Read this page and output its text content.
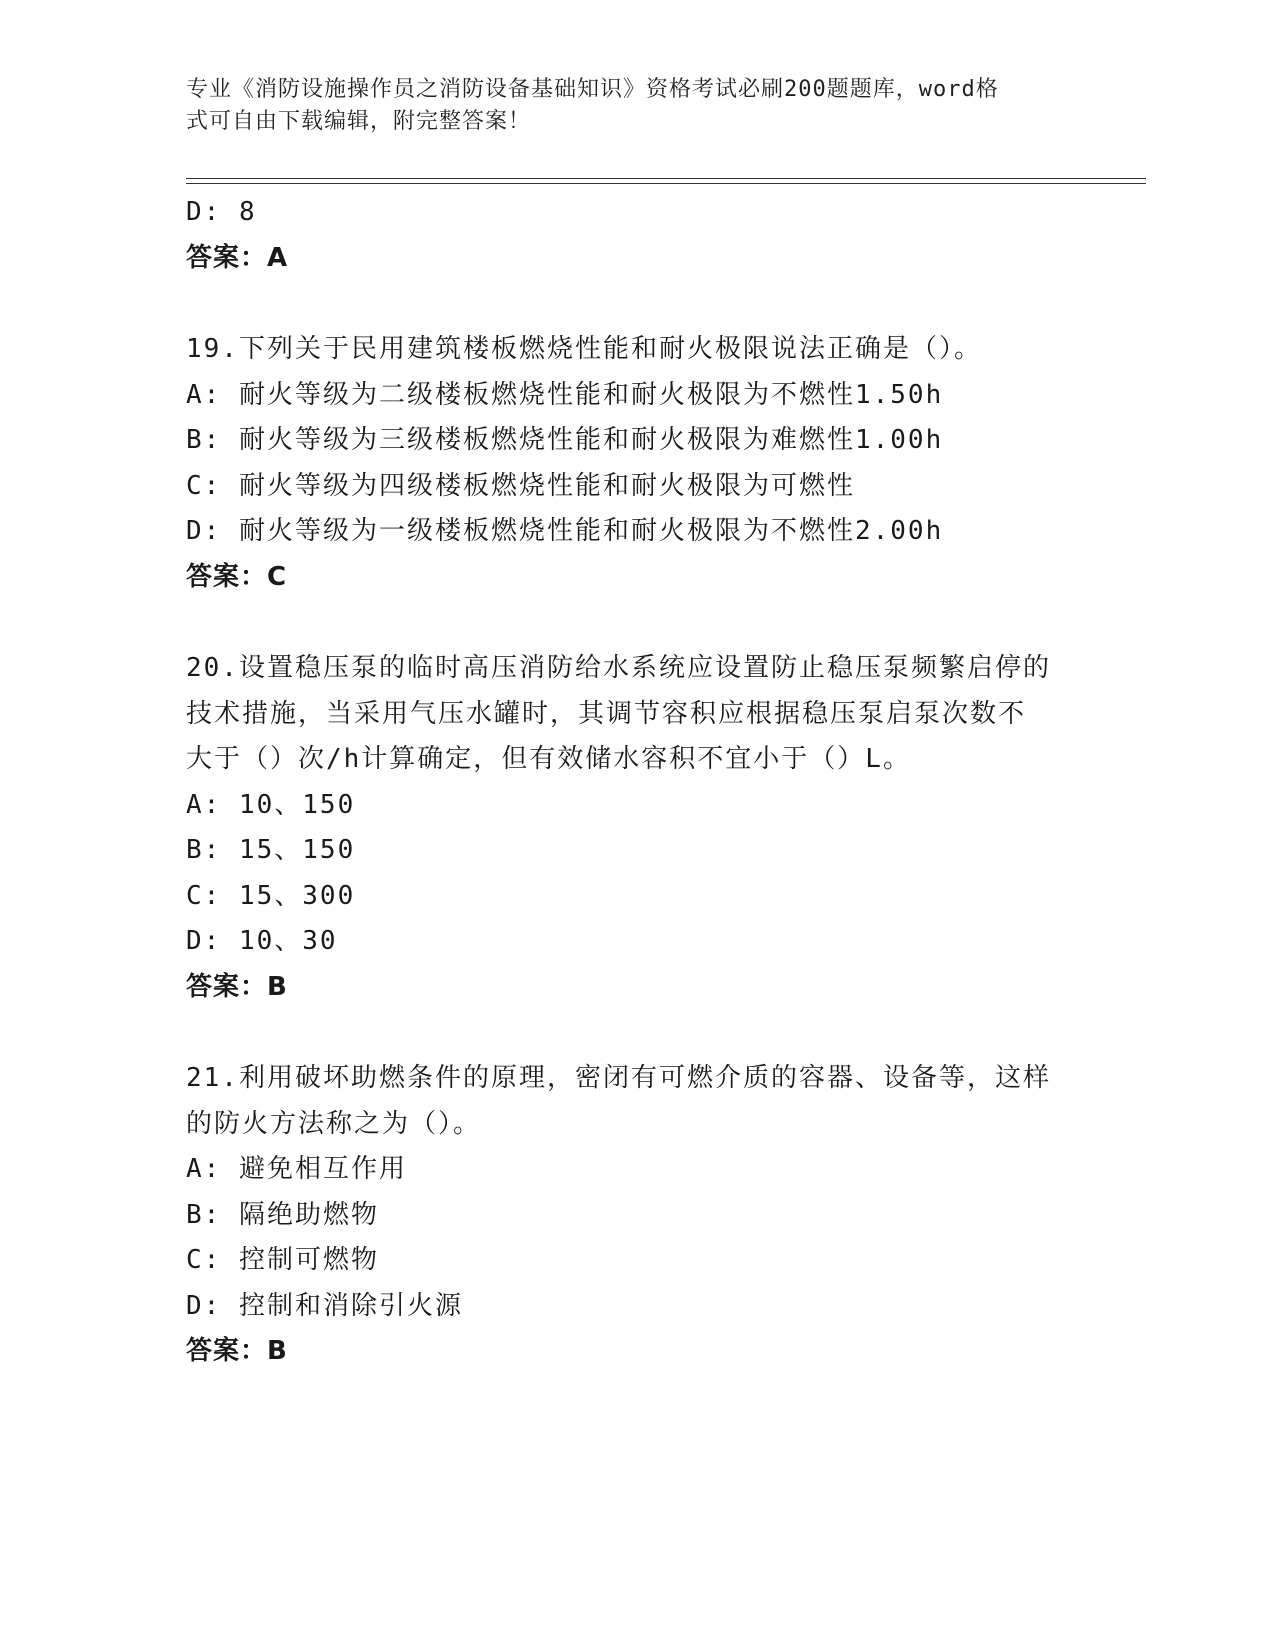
专业《消防设施操作员之消防设备基础知识》资格考试必刷200题题库，word格
式可自由下载编辑，附完整答案！
D: 8
答案：A
19.下列关于民用建筑楼板燃烧性能和耐火极限说法正确是（）。
A: 耐火等级为二级楼板燃烧性能和耐火极限为不燃性1.50h
B: 耐火等级为三级楼板燃烧性能和耐火极限为难燃性1.00h
C: 耐火等级为四级楼板燃烧性能和耐火极限为可燃性
D: 耐火等级为一级楼板燃烧性能和耐火极限为不燃性2.00h
答案：C
20.设置稳压泵的临时高压消防给水系统应设置防止稳压泵频繁启停的
技术措施，当采用气压水罐时，其调节容积应根据稳压泵启泵次数不
大于（）次/h计算确定，但有效储水容积不宜小于（）L。
A: 10、150
B: 15、150
C: 15、300
D: 10、30
答案：B
21.利用破坏助燃条件的原理，密闭有可燃介质的容器、设备等，这样
的防火方法称之为（）。
A: 避免相互作用
B: 隔绝助燃物
C: 控制可燃物
D: 控制和消除引火源
答案：B
